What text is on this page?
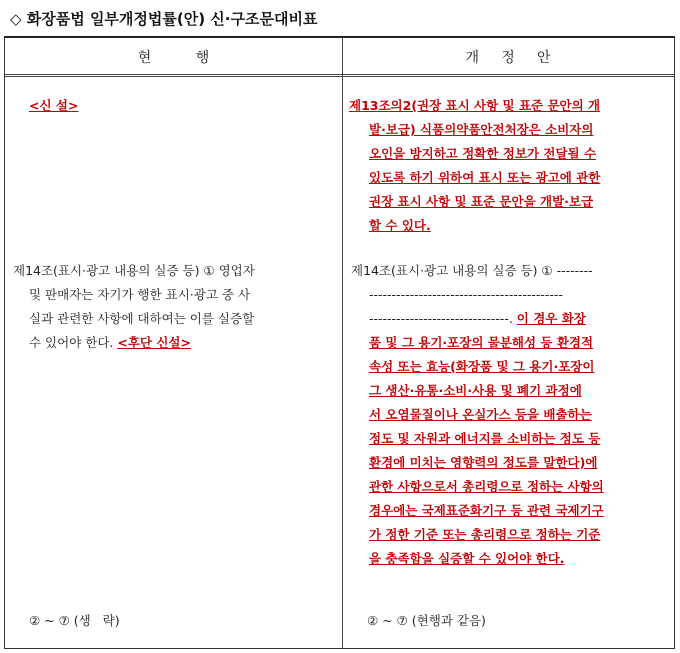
◇ 화장품법 일부개정법률(안) 신·구조문대비표
현          행	개     정     안
<신 설>
제14조(표시·광고 내용의 실증 등) ① 영업자
및 판매자는 자기가 행한 표시·광고 중 사
실과 관련한 사항에 대하여는 이를 실증할
수 있어야 한다. <후단 신설>
② ~ ⑦ (생   략)
제13조의2(권장 표시 사항 및 표준 문안의 개
발·보급) 식품의약품안전처장은 소비자의
오인을 방지하고 정확한 정보가 전달될 수
있도록 하기 위하여 표시 또는 광고에 관한
권장 표시 사항 및 표준 문안을 개발·보급
할 수 있다.
제14조(표시·광고 내용의 실증 등) ① --------
-------------------------------------------
-------------------------------. 이 경우 화장
품 및 그 용기·포장의 물분해성 등 환경적
속성 또는 효능(화장품 및 그 용기·포장이
그 생산·유통·소비·사용 및 폐기 과정에
서 오염물질이나 온실가스 등을 배출하는
정도 및 자원과 에너지를 소비하는 정도 등
환경에 미치는 영향력의 정도를 말한다)에
관한 사항으로서 총리령으로 정하는 사항의
경우에는 국제표준화기구 등 관련 국제기구
가 정한 기준 또는 총리령으로 정하는 기준
을 충족함을 실증할 수 있어야 한다.
② ~ ⑦ (현행과 같음)
